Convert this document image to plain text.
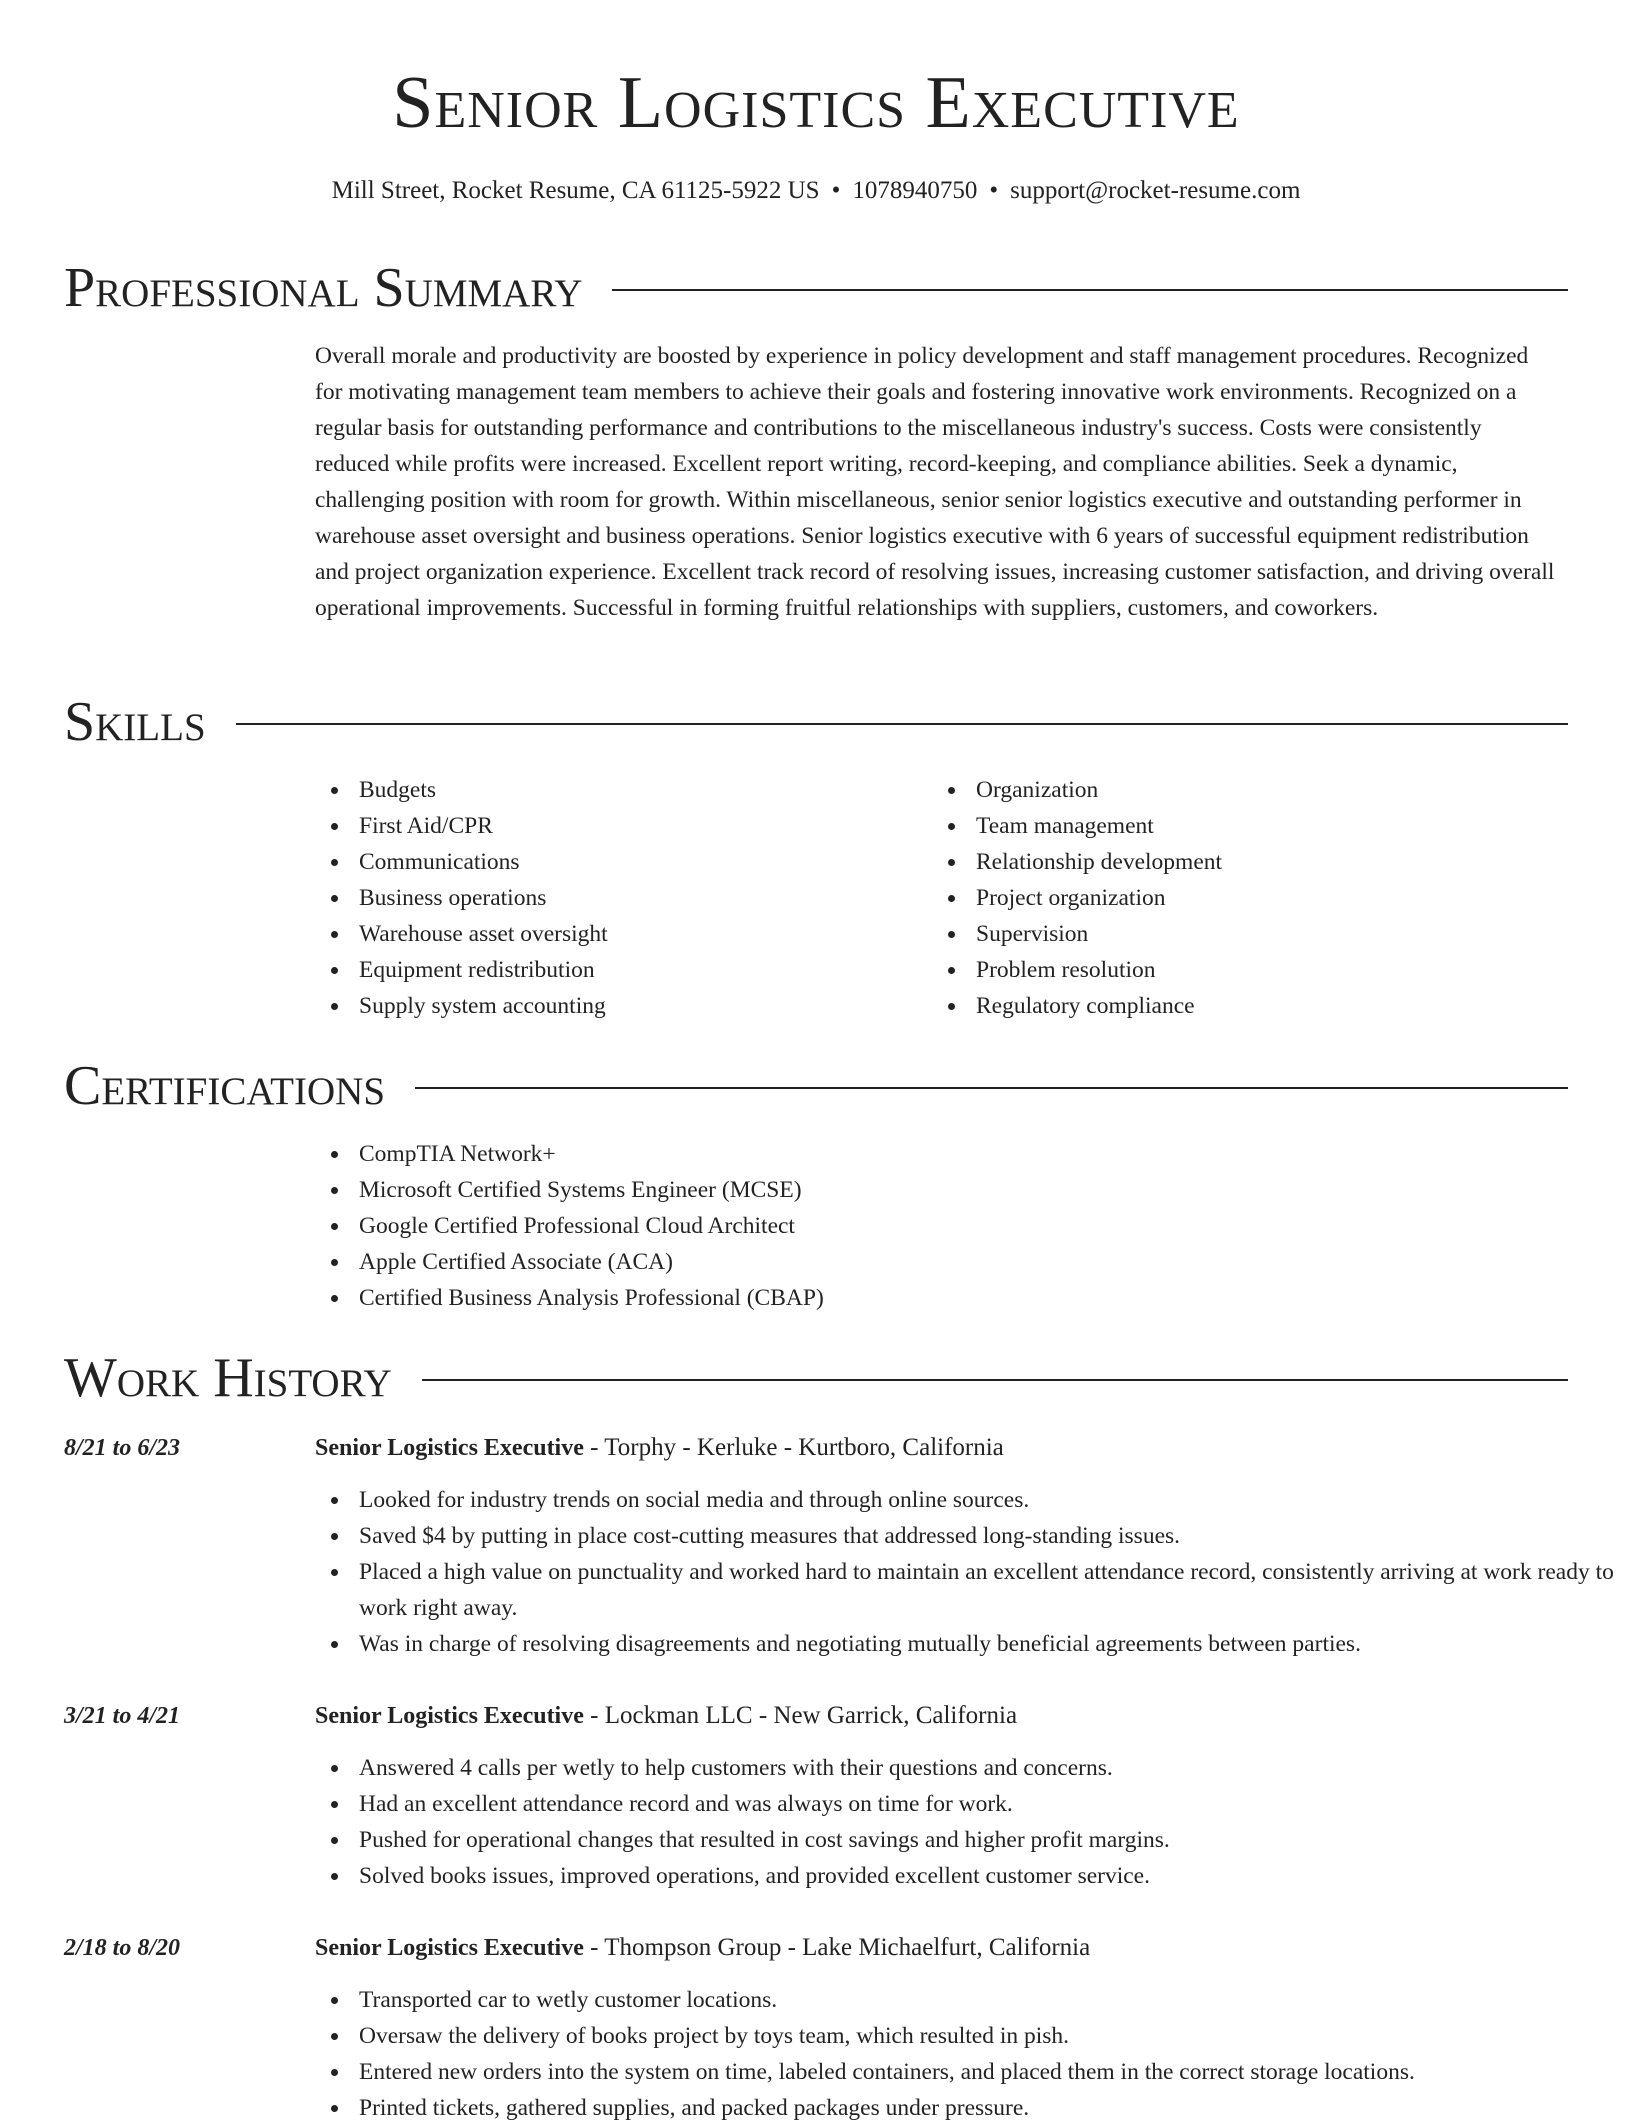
Senior Logistics Executive
Mill Street, Rocket Resume, CA 61125-5922 US • 1078940750 • support@rocket-resume.com
Professional Summary

Overall morale and productivity are boosted by experience in policy development and staff management procedures. Recognized for motivating management team members to achieve their goals and fostering innovative work environments. Recognized on a regular basis for outstanding performance and contributions to the miscellaneous industry's success. Costs were consistently reduced while profits were increased. Excellent report writing, record-keeping, and compliance abilities. Seek a dynamic, challenging position with room for growth. Within miscellaneous, senior senior logistics executive and outstanding performer in warehouse asset oversight and business operations. Senior logistics executive with 6 years of successful equipment redistribution and project organization experience. Excellent track record of resolving issues, increasing customer satisfaction, and driving overall operational improvements. Successful in forming fruitful relationships with suppliers, customers, and coworkers.

Skills
Budgets
First Aid/CPR
Communications
Business operations
Warehouse asset oversight
Equipment redistribution
Supply system accounting
Organization
Team management
Relationship development
Project organization
Supervision
Problem resolution
Regulatory compliance
Certifications
CompTIA Network+
Microsoft Certified Systems Engineer (MCSE)
Google Certified Professional Cloud Architect
Apple Certified Associate (ACA)
Certified Business Analysis Professional (CBAP)
Work History
8/21 to 6/23	Senior Logistics Executive - Torphy - Kerluke - Kurtboro, California
Looked for industry trends on social media and through online sources.
Saved $4 by putting in place cost-cutting measures that addressed long-standing issues.
Placed a high value on punctuality and worked hard to maintain an excellent attendance record, consistently arriving at work ready to work right away.
Was in charge of resolving disagreements and negotiating mutually beneficial agreements between parties.
3/21 to 4/21	Senior Logistics Executive - Lockman LLC - New Garrick, California
Answered 4 calls per wetly to help customers with their questions and concerns.
Had an excellent attendance record and was always on time for work.
Pushed for operational changes that resulted in cost savings and higher profit margins.
Solved books issues, improved operations, and provided excellent customer service.
2/18 to 8/20	Senior Logistics Executive - Thompson Group - Lake Michaelfurt, California
Transported car to wetly customer locations.
Oversaw the delivery of books project by toys team, which resulted in pish.
Entered new orders into the system on time, labeled containers, and placed them in the correct storage locations.
Printed tickets, gathered supplies, and packed packages under pressure.
